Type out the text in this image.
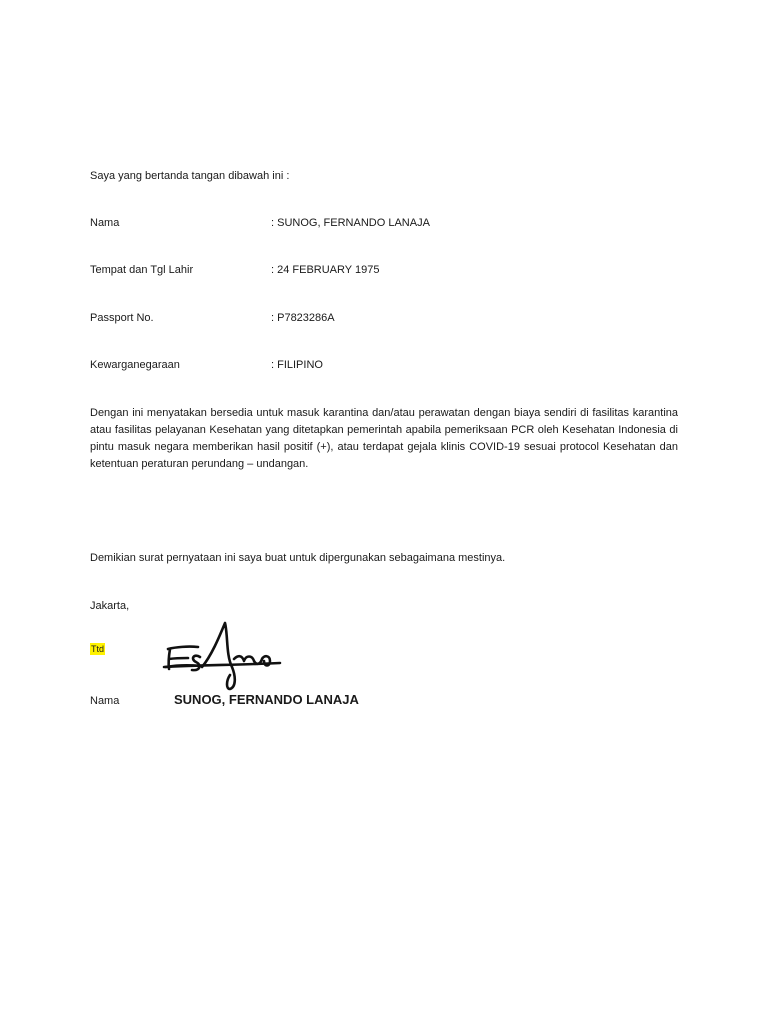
Saya yang bertanda tangan dibawah ini :
Nama	: SUNOG, FERNANDO LANAJA
Tempat dan Tgl Lahir	: 24 FEBRUARY 1975
Passport No.	: P7823286A
Kewarganegaraan	: FILIPINO
Dengan ini menyatakan bersedia untuk masuk karantina dan/atau perawatan dengan biaya sendiri di fasilitas karantina atau fasilitas pelayanan Kesehatan yang ditetapkan pemerintah apabila pemeriksaan PCR oleh Kesehatan Indonesia di pintu masuk negara memberikan hasil positif (+), atau terdapat gejala klinis COVID-19 sesuai protocol Kesehatan dan ketentuan peraturan perundang – undangan.
Demikian surat pernyataan ini saya buat untuk dipergunakan sebagaimana mestinya.
Jakarta,
Ttd
Nama	SUNOG, FERNANDO LANAJA
